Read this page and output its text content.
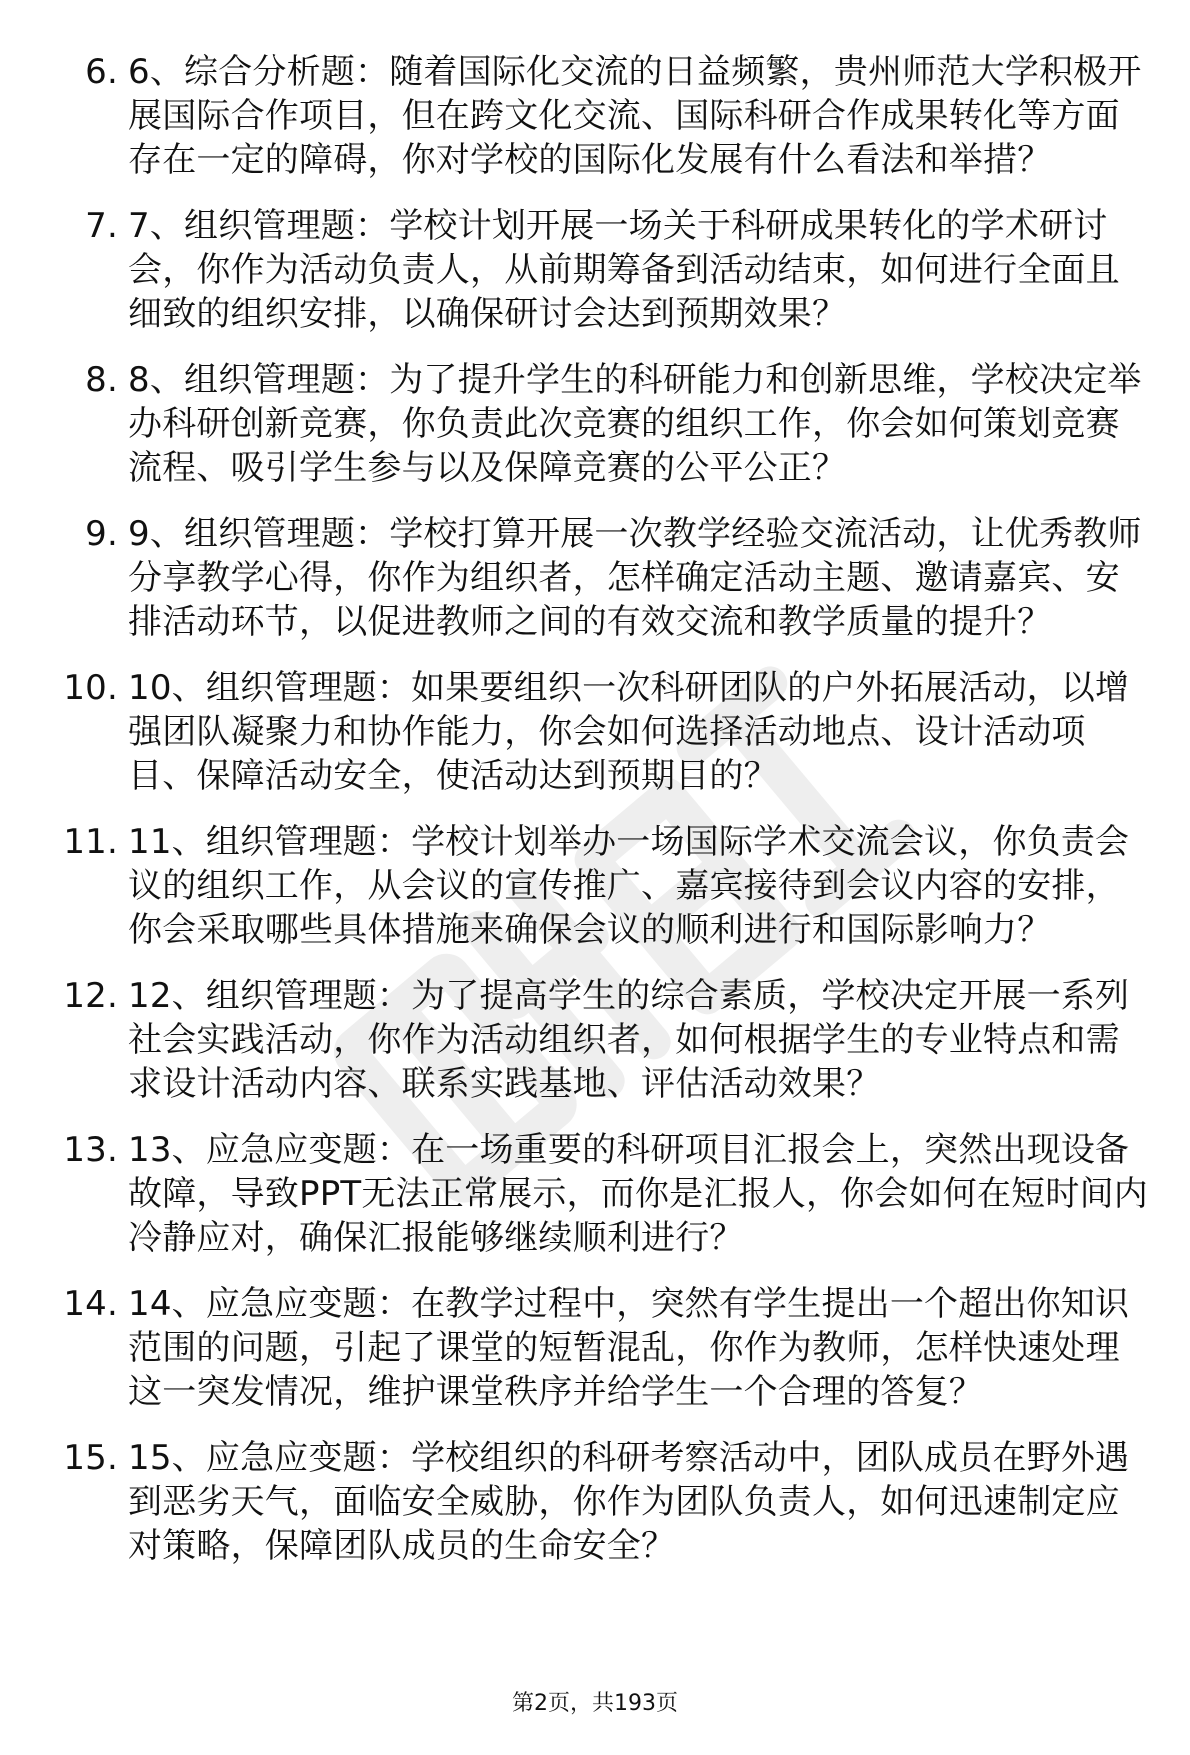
6. 6、综合分析题：随着国际化交流的日益频繁，贵州师范大学积极开展国际合作项目，但在跨文化交流、国际科研合作成果转化等方面存在一定的障碍，你对学校的国际化发展有什么看法和举措？
7. 7、组织管理题：学校计划开展一场关于科研成果转化的学术研讨会，你作为活动负责人，从前期筹备到活动结束，如何进行全面且细致的组织安排，以确保研讨会达到预期效果？
8. 8、组织管理题：为了提升学生的科研能力和创新思维，学校决定举办科研创新竞赛，你负责此次竞赛的组织工作，你会如何策划竞赛流程、吸引学生参与以及保障竞赛的公平公正？
9. 9、组织管理题：学校打算开展一次教学经验交流活动，让优秀教师分享教学心得，你作为组织者，怎样确定活动主题、邀请嘉宾、安排活动环节，以促进教师之间的有效交流和教学质量的提升？
10. 10、组织管理题：如果要组织一次科研团队的户外拓展活动，以增强团队凝聚力和协作能力，你会如何选择活动地点、设计活动项目、保障活动安全，使活动达到预期目的？
11. 11、组织管理题：学校计划举办一场国际学术交流会议，你负责会议的组织工作，从会议的宣传推广、嘉宾接待到会议内容的安排，你会采取哪些具体措施来确保会议的顺利进行和国际影响力？
12. 12、组织管理题：为了提高学生的综合素质，学校决定开展一系列社会实践活动，你作为活动组织者，如何根据学生的专业特点和需求设计活动内容、联系实践基地、评估活动效果？
13. 13、应急应变题：在一场重要的科研项目汇报会上，突然出现设备故障，导致PPT无法正常展示，而你是汇报人，你会如何在短时间内冷静应对，确保汇报能够继续顺利进行？
14. 14、应急应变题：在教学过程中，突然有学生提出一个超出你知识范围的问题，引起了课堂的短暂混乱，你作为教师，怎样快速处理这一突发情况，维护课堂秩序并给学生一个合理的答复？
15. 15、应急应变题：学校组织的科研考察活动中，团队成员在野外遇到恶劣天气，面临安全威胁，你作为团队负责人，如何迅速制定应对策略，保障团队成员的生命安全？
第2页，共193页
